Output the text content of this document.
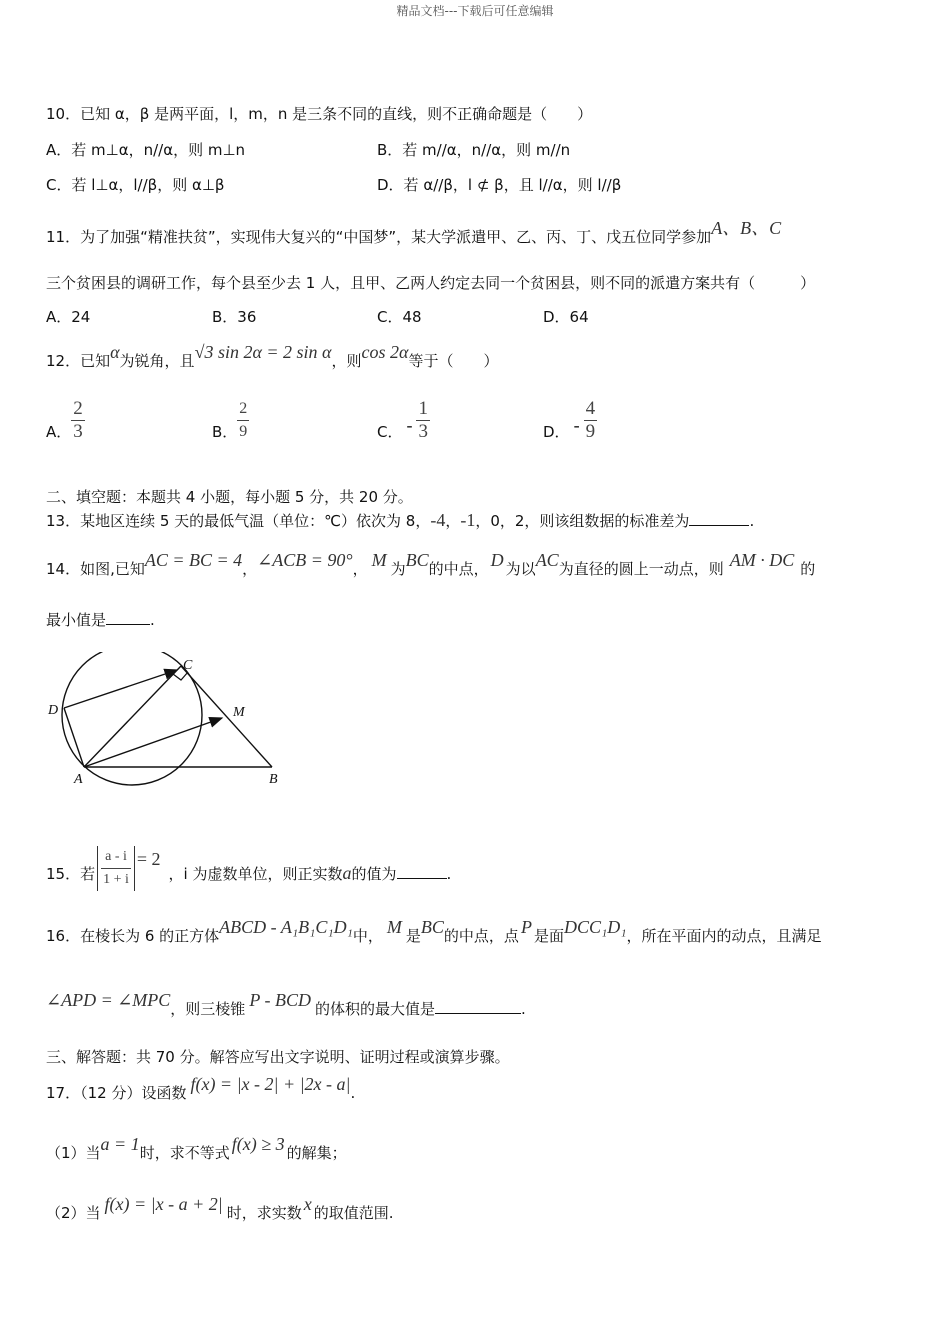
精品文档---下载后可任意编辑
10．已知 α，β 是两平面，l，m，n 是三条不同的直线，则不正确命题是（　　）
A．若 m⊥α，n//α，则 m⊥n	B．若 m//α，n//α，则 m//n
C．若 l⊥α，l//β，则 α⊥β	D．若 α//β，l ⊄ β，且 l//α，则 l//β
11．为了加强“精准扶贫”，实现伟大复兴的“中国梦”，某大学派遣甲、乙、丙、丁、戊五位同学参加A、B、C
三个贫困县的调研工作，每个县至少去 1 人，且甲、乙两人约定去同一个贫困县，则不同的派遣方案共有（　　　）
A．24	B．36	C．48	D．64
12．已知α为锐角，且√3 sin 2α = 2 sin α，则cos 2α等于（　　）
A． $\frac{2}{3}$	B． $\frac{2}{9}$	C． - $\frac{1}{3}$	D． - $\frac{4}{9}$
二、填空题：本题共 4 小题，每小题 5 分，共 20 分。
13．某地区连续 5 天的最低气温（单位：℃）依次为 8，-4，-1，0，2，则该组数据的标准差为	.
14．如图,已知AC = BC = 4，∠ACB = 90°， M 为BC的中点， D 为以AC为直径的圆上一动点，则 AM · DC 的
最小值是	.
D
C
M
A	B
15．若 $\frac{a - i}{1 + i} = 2$，i 为虚数单位，则正实数a的值为	.
16．在棱长为 6 的正方体ABCD - A₁B₁C₁D₁中， M 是BC的中点，点 P 是面DCC₁D₁，所在平面内的动点，且满足
∠APD = ∠MPC，则三棱锥 P - BCD 的体积的最大值是	.
三、解答题：共 70 分。解答应写出文字说明、证明过程或演算步骤。
17．（12 分）设函数 f(x) = |x - 2| + |2x - a|.
（1）当a = 1时，求不等式 f(x) ≥ 3 的解集；
（2）当 f(x) = |x - a + 2| 时，求实数 x 的取值范围.
